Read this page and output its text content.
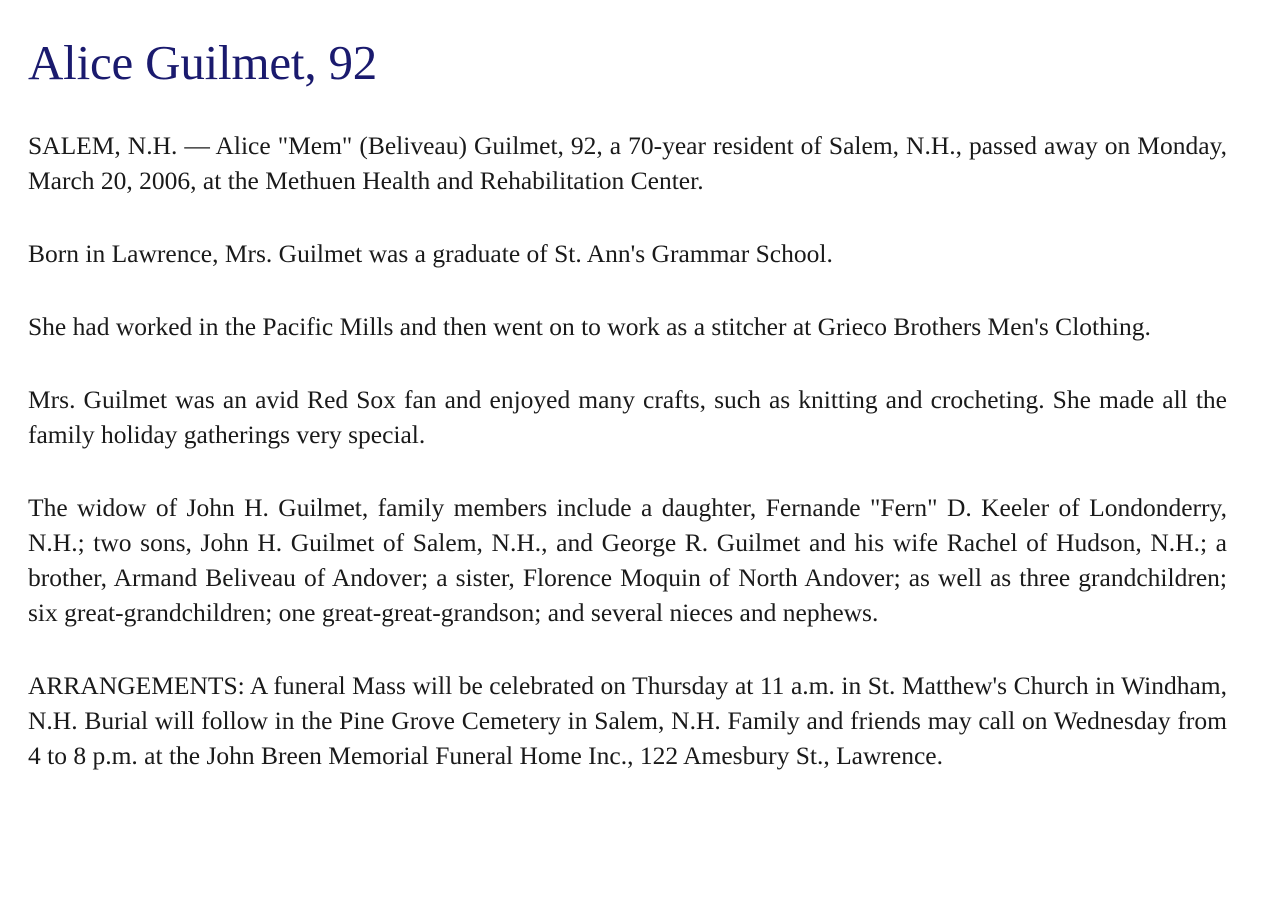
Alice Guilmet, 92

SALEM, N.H. — Alice "Mem" (Beliveau) Guilmet, 92, a 70-year resident of Salem, N.H., passed away on Monday, March 20, 2006, at the Methuen Health and Rehabilitation Center.

Born in Lawrence, Mrs. Guilmet was a graduate of St. Ann's Grammar School.

She had worked in the Pacific Mills and then went on to work as a stitcher at Grieco Brothers Men's Clothing.

Mrs. Guilmet was an avid Red Sox fan and enjoyed many crafts, such as knitting and crocheting. She made all the family holiday gatherings very special.

The widow of John H. Guilmet, family members include a daughter, Fernande "Fern" D. Keeler of Londonderry, N.H.; two sons, John H. Guilmet of Salem, N.H., and George R. Guilmet and his wife Rachel of Hudson, N.H.; a brother, Armand Beliveau of Andover; a sister, Florence Moquin of North Andover; as well as three grandchildren; six great-grandchildren; one great-great-grandson; and several nieces and nephews.

ARRANGEMENTS: A funeral Mass will be celebrated on Thursday at 11 a.m. in St. Matthew's Church in Windham, N.H. Burial will follow in the Pine Grove Cemetery in Salem, N.H. Family and friends may call on Wednesday from 4 to 8 p.m. at the John Breen Memorial Funeral Home Inc., 122 Amesbury St., Lawrence.
